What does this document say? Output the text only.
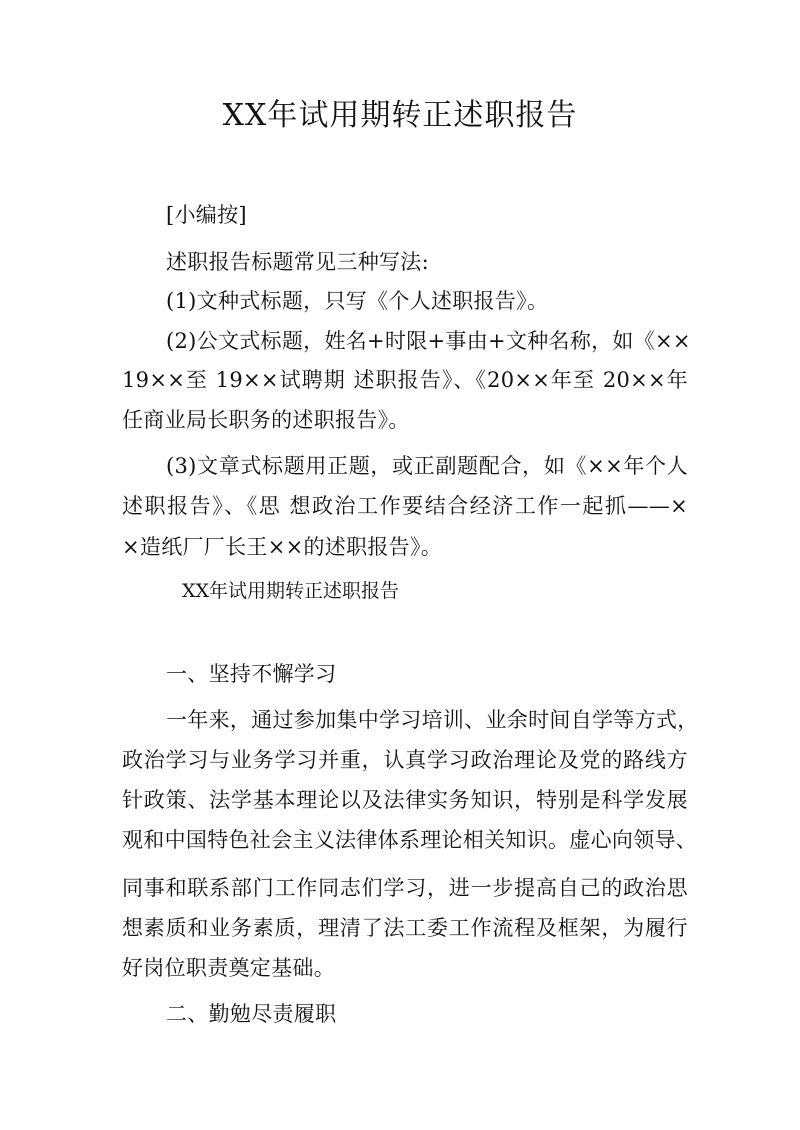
XX年试用期转正述职报告
[小编按]
述职报告标题常见三种写法:
(1)文种式标题，只写《个人述职报告》。
(2)公文式标题，姓名+时限+事由+文种名称，如《××
19××至 19××试聘期 述职报告》、《20××年至 20××年
任商业局长职务的述职报告》。
(3)文章式标题用正题，或正副题配合，如《××年个人
述职报告》、《思 想政治工作要结合经济工作一起抓——×
×造纸厂厂长王××的述职报告》。
XX年试用期转正述职报告
一、坚持不懈学习
一年来，通过参加集中学习培训、业余时间自学等方式，
政治学习与业务学习并重，认真学习政治理论及党的路线方
针政策、法学基本理论以及法律实务知识，特别是科学发展
观和中国特色社会主义法律体系理论相关知识。虚心向领导、
同事和联系部门工作同志们学习，进一步提高自己的政治思
想素质和业务素质，理清了法工委工作流程及框架，为履行
好岗位职责奠定基础。
二、勤勉尽责履职
